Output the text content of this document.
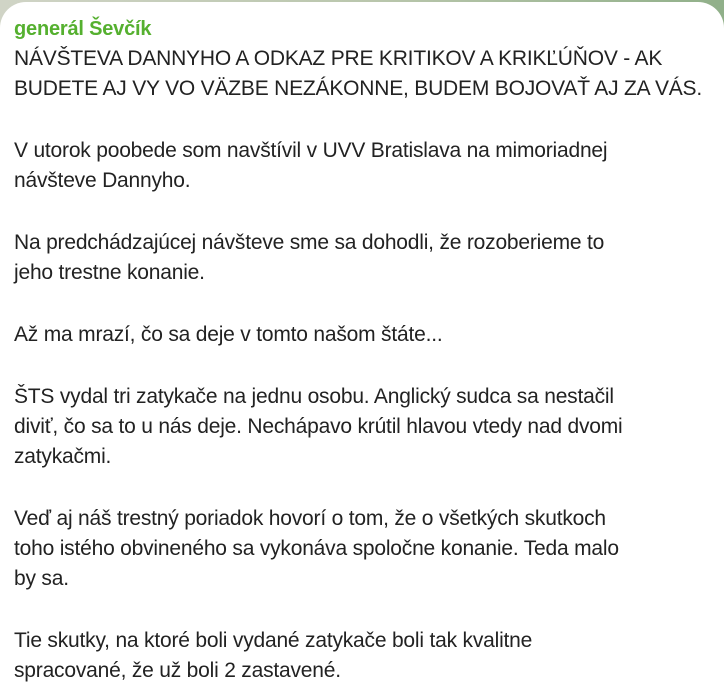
generál Ševčík

NÁVŠTEVA DANNYHO A ODKAZ PRE KRITIKOV A KRIKĽÚŇOV - AK
BUDETE AJ VY VO VÄZBE NEZÁKONNE, BUDEM BOJOVAŤ AJ ZA VÁS.

V utorok poobede som navštívil v UVV Bratislava na mimoriadnej
návšteve Dannyho.

Na predchádzajúcej návšteve sme sa dohodli, že rozoberieme to
jeho trestne konanie.

Až ma mrazí, čo sa deje v tomto našom štáte...

ŠTS vydal tri zatykače na jednu osobu. Anglický sudca sa nestačil
diviť, čo sa to u nás deje. Nechápavo krútil hlavou vtedy nad dvomi
zatykačmi.

Veď aj náš trestný poriadok hovorí o tom, že o všetkých skutkoch
toho istého obvineného sa vykonáva spoločne konanie. Teda malo
by sa.

Tie skutky, na ktoré boli vydané zatykače boli tak kvalitne
spracované, že už boli 2 zastavené.
